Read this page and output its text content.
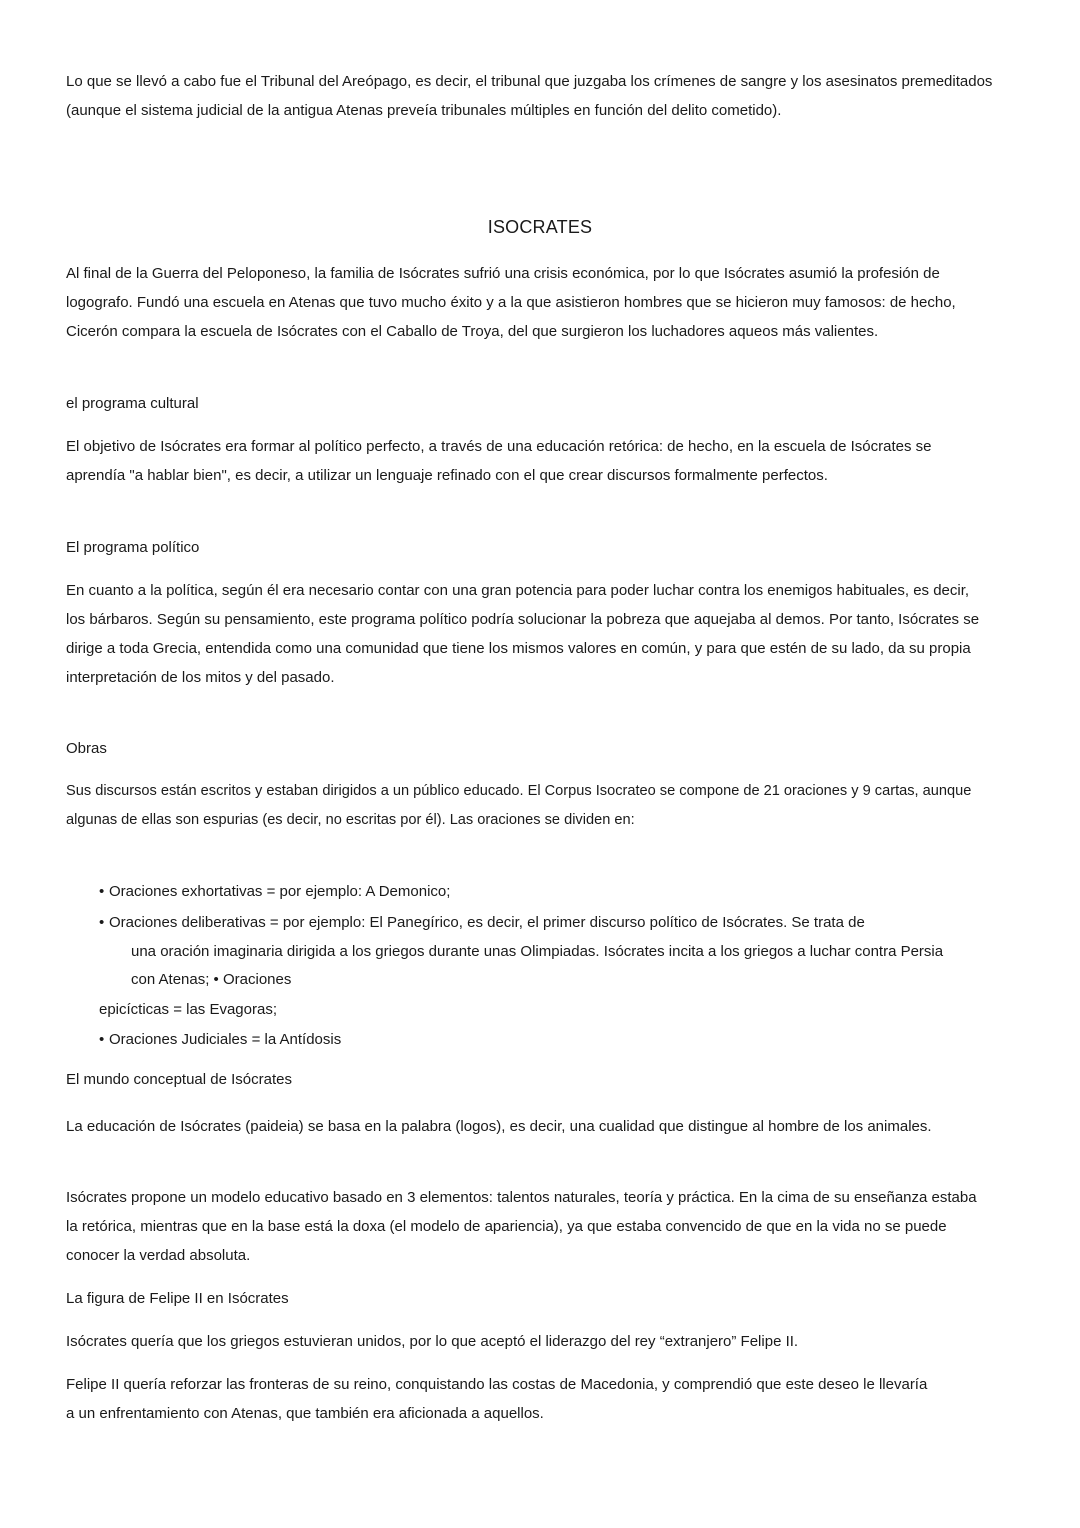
Lo que se llevó a cabo fue el Tribunal del Areópago, es decir, el tribunal que juzgaba los crímenes de sangre y los asesinatos premeditados (aunque el sistema judicial de la antigua Atenas preveía tribunales múltiples en función del delito cometido).

ISOCRATES

Al final de la Guerra del Peloponeso, la familia de Isócrates sufrió una crisis económica, por lo que Isócrates asumió la profesión de logografo. Fundó una escuela en Atenas que tuvo mucho éxito y a la que asistieron hombres que se hicieron muy famosos: de hecho, Cicerón compara la escuela de Isócrates con el Caballo de Troya, del que surgieron los luchadores aqueos más valientes.

el programa cultural

El objetivo de Isócrates era formar al político perfecto, a través de una educación retórica: de hecho, en la escuela de Isócrates se aprendía "a hablar bien", es decir, a utilizar un lenguaje refinado con el que crear discursos formalmente perfectos.

El programa político

En cuanto a la política, según él era necesario contar con una gran potencia para poder luchar contra los enemigos habituales, es decir, los bárbaros. Según su pensamiento, este programa político podría solucionar la pobreza que aquejaba al demos. Por tanto, Isócrates se dirige a toda Grecia, entendida como una comunidad que tiene los mismos valores en común, y para que estén de su lado, da su propia interpretación de los mitos y del pasado.

Obras

Sus discursos están escritos y estaban dirigidos a un público educado. El Corpus Isocrateo se compone de 21 oraciones y 9 cartas, aunque algunas de ellas son espurias (es decir, no escritas por él). Las oraciones se dividen en:

• Oraciones exhortativas = por ejemplo: A Demonico;

• Oraciones deliberativas = por ejemplo: El Panegírico, es decir, el primer discurso político de Isócrates. Se trata de

una oración imaginaria dirigida a los griegos durante unas Olimpiadas. Isócrates incita a los griegos a luchar contra Persia

con Atenas; • Oraciones

epicícticas = las Evagoras;

• Oraciones Judiciales = la Antídosis

El mundo conceptual de Isócrates

La educación de Isócrates (paideia) se basa en la palabra (logos), es decir, una cualidad que distingue al hombre de los animales.

Isócrates propone un modelo educativo basado en 3 elementos: talentos naturales, teoría y práctica. En la cima de su enseñanza estaba la retórica, mientras que en la base está la doxa (el modelo de apariencia), ya que estaba convencido de que en la vida no se puede conocer la verdad absoluta.

La figura de Felipe II en Isócrates

Isócrates quería que los griegos estuvieran unidos, por lo que aceptó el liderazgo del rey “extranjero” Felipe II.

Felipe II quería reforzar las fronteras de su reino, conquistando las costas de Macedonia, y comprendió que este deseo le llevaría a un enfrentamiento con Atenas, que también era aficionada a aquellos.
